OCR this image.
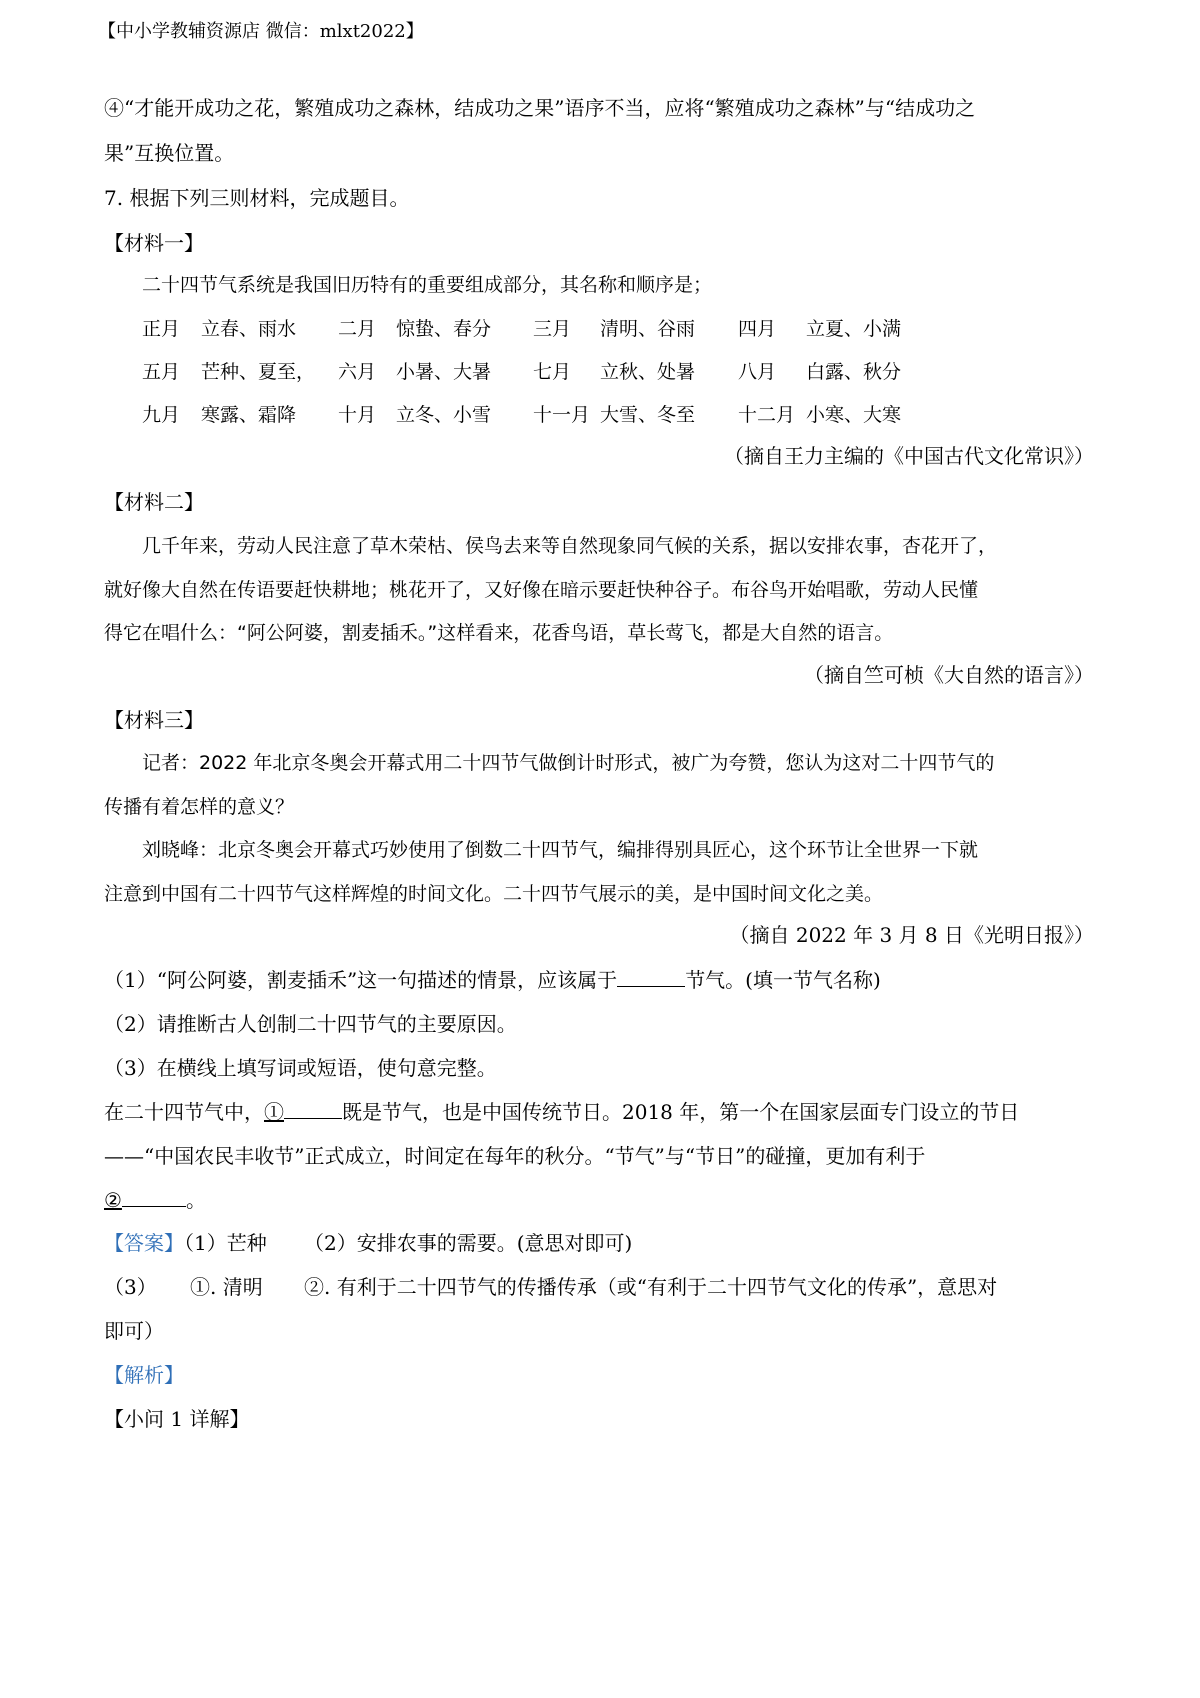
【中小学教辅资源店 微信：mlxt2022】
④“才能开成功之花，繁殖成功之森林，结成功之果”语序不当，应将“繁殖成功之森林”与“结成功之
果”互换位置。
7. 根据下列三则材料，完成题目。
【材料一】
二十四节气系统是我国旧历特有的重要组成部分，其名称和顺序是；
正月 立春、雨水 二月 惊蛰、春分 三月 清明、谷雨 四月 立夏、小满
五月 芒种、夏至， 六月 小暑、大暑 七月 立秋、处暑 八月 白露、秋分
九月 寒露、霜降 十月 立冬、小雪 十一月 大雪、冬至 十二月 小寒、大寒
（摘自王力主编的《中国古代文化常识》）
【材料二】
几千年来，劳动人民注意了草木荣枯、侯鸟去来等自然现象同气候的关系，据以安排农事，杏花开了，
就好像大自然在传语要赶快耕地；桃花开了，又好像在暗示要赶快种谷子。布谷鸟开始唱歌，劳动人民懂
得它在唱什么：“阿公阿婆，割麦插禾。”这样看来，花香鸟语，草长莺飞，都是大自然的语言。
（摘自竺可桢《大自然的语言》）
【材料三】
记者：2022 年北京冬奥会开幕式用二十四节气做倒计时形式，被广为夸赞，您认为这对二十四节气的
传播有着怎样的意义？
刘晓峰：北京冬奥会开幕式巧妙使用了倒数二十四节气，编排得别具匠心，这个环节让全世界一下就
注意到中国有二十四节气这样辉煌的时间文化。二十四节气展示的美，是中国时间文化之美。
（摘自 2022 年 3 月 8 日《光明日报》）
（1）“阿公阿婆，割麦插禾”这一句描述的情景，应该属于	节气。(填一节气名称)
（2）请推断古人创制二十四节气的主要原因。
（3）在横线上填写词或短语，使句意完整。
在二十四节气中，①	既是节气，也是中国传统节日。2018 年，第一个在国家层面专门设立的节日
——“中国农民丰收节”正式成立，时间定在每年的秋分。“节气”与“节日”的碰撞，更加有利于
②	。
【答案】（1）芒种 （2）安排农事的需要。(意思对即可)
（3） ①. 清明 ②. 有利于二十四节气的传播传承（或“有利于二十四节气文化的传承”，意思对
即可）
【解析】
【小问 1 详解】
